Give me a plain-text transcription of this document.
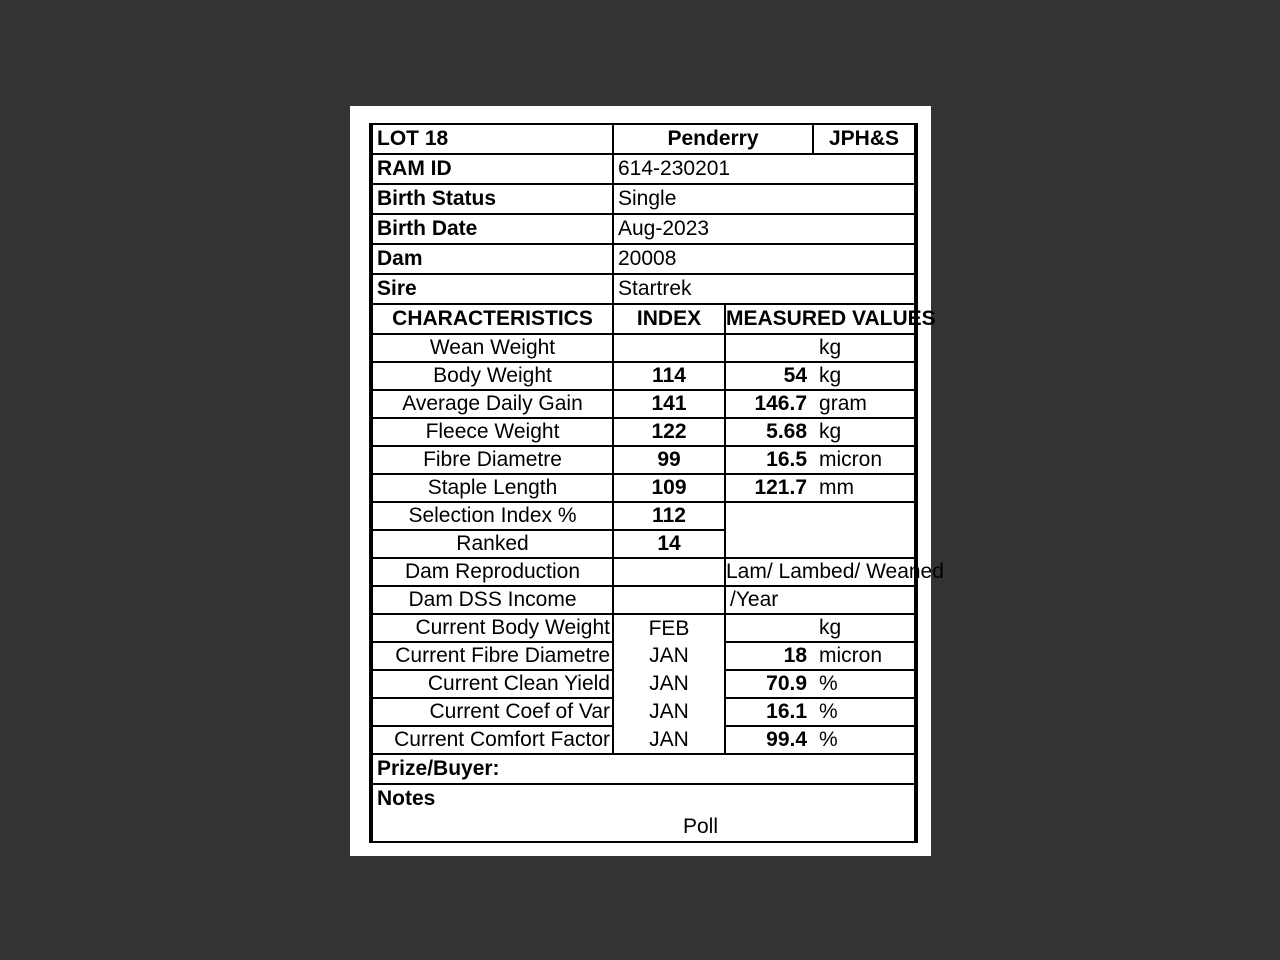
LOT 18	Penderry		JPH&S
RAM ID	614-230201		
Birth Status	Single		
Birth Date	Aug-2023		
Dam	20008		
Sire	Startrek		
CHARACTERISTICS	INDEX	MEASURED VALUES	
Wean Weight			kg
Body Weight	114	54	kg
Average Daily Gain	141	146.7	gram
Fleece Weight	122	5.68	kg
Fibre Diametre	99	16.5	micron
Staple Length	109	121.7	mm
Selection Index %	112		
Ranked	14		
Dam Reproduction		Lam/ Lambed/ Weaned	
Dam DSS Income		/Year	
Current Body Weight	FEB		kg
Current Fibre Diametre	JAN	18	micron
Current Clean Yield	JAN	70.9	%
Current Coef of Var	JAN	16.1	%
Current Comfort Factor	JAN	99.4	%
Prize/Buyer:			

Notes
Poll			
